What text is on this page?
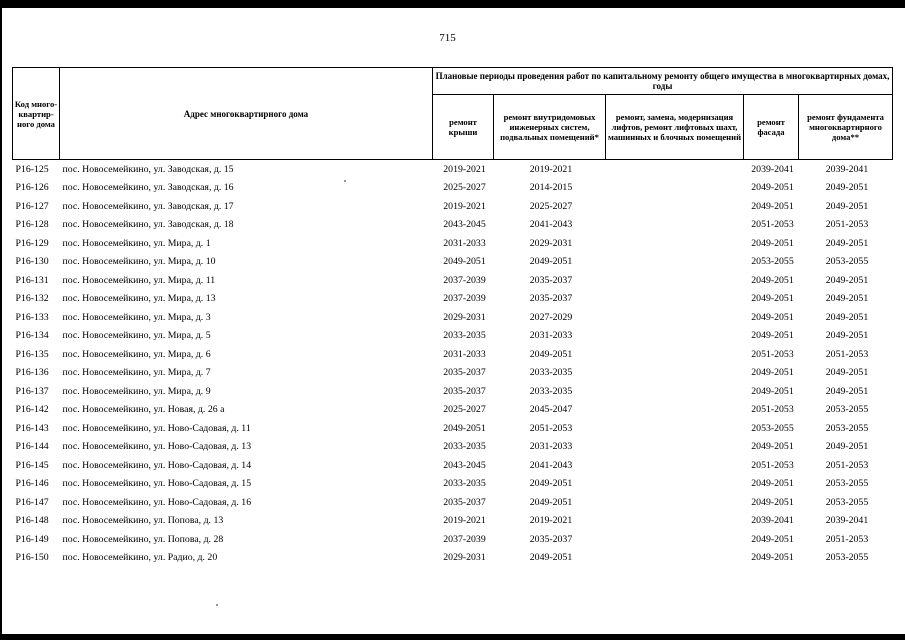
715
Код много-квартир-ного дома	Адрес многоквартирного дома	Плановые периоды проведения работ по капитальному ремонту общего имущества в многоквартирных домах, годы				
		ремонт крыши	ремонт внутридомовых инженерных систем, подвальных помещений*	ремонт, замена, модернизация лифтов, ремонт лифтовых шахт, машинных и блочных помещений	ремонт фасада	ремонт фундамента многоквартирного дома**
P16-125	пос. Новосемейкино, ул. Заводская, д. 15	2019-2021	2019-2021		2039-2041	2039-2041
P16-126	пос. Новосемейкино, ул. Заводская, д. 16	2025-2027	2014-2015		2049-2051	2049-2051
P16-127	пос. Новосемейкино, ул. Заводская, д. 17	2019-2021	2025-2027		2049-2051	2049-2051
P16-128	пос. Новосемейкино, ул. Заводская, д. 18	2043-2045	2041-2043		2051-2053	2051-2053
P16-129	пос. Новосемейкино, ул. Мира, д. 1	2031-2033	2029-2031		2049-2051	2049-2051
P16-130	пос. Новосемейкино, ул. Мира, д. 10	2049-2051	2049-2051		2053-2055	2053-2055
P16-131	пос. Новосемейкино, ул. Мира, д. 11	2037-2039	2035-2037		2049-2051	2049-2051
P16-132	пос. Новосемейкино, ул. Мира, д. 13	2037-2039	2035-2037		2049-2051	2049-2051
P16-133	пос. Новосемейкино, ул. Мира, д. 3	2029-2031	2027-2029		2049-2051	2049-2051
P16-134	пос. Новосемейкино, ул. Мира, д. 5	2033-2035	2031-2033		2049-2051	2049-2051
P16-135	пос. Новосемейкино, ул. Мира, д. 6	2031-2033	2049-2051		2051-2053	2051-2053
P16-136	пос. Новосемейкино, ул. Мира, д. 7	2035-2037	2033-2035		2049-2051	2049-2051
P16-137	пос. Новосемейкино, ул. Мира, д. 9	2035-2037	2033-2035		2049-2051	2049-2051
P16-142	пос. Новосемейкино, ул. Новая, д. 26 а	2025-2027	2045-2047		2051-2053	2053-2055
P16-143	пос. Новосемейкино, ул. Ново-Садовая, д. 11	2049-2051	2051-2053		2053-2055	2053-2055
P16-144	пос. Новосемейкино, ул. Ново-Садовая, д. 13	2033-2035	2031-2033		2049-2051	2049-2051
P16-145	пос. Новосемейкино, ул. Ново-Садовая, д. 14	2043-2045	2041-2043		2051-2053	2051-2053
P16-146	пос. Новосемейкино, ул. Ново-Садовая, д. 15	2033-2035	2049-2051		2049-2051	2053-2055
P16-147	пос. Новосемейкино, ул. Ново-Садовая, д. 16	2035-2037	2049-2051		2049-2051	2053-2055
P16-148	пос. Новосемейкино, ул. Попова, д. 13	2019-2021	2019-2021		2039-2041	2039-2041
P16-149	пос. Новосемейкино, ул. Попова, д. 28	2037-2039	2035-2037		2049-2051	2051-2053
P16-150	пос. Новосемейкино, ул. Радио, д. 20	2029-2031	2049-2051		2049-2051	2053-2055
